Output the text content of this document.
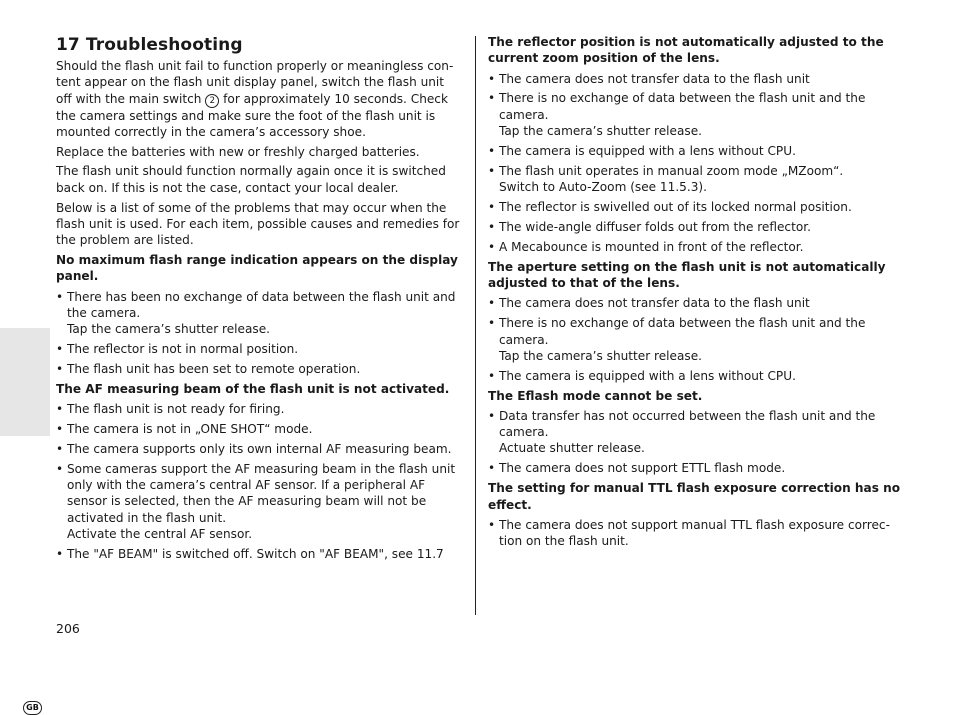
GB
17 Troubleshooting

Should the flash unit fail to function properly or meaningless content appear on the flash unit display panel, switch the flash unit off with the main switch 2 for approximately 10 seconds. Check the camera settings and make sure the foot of the flash unit is mounted correctly in the camera’s accessory shoe.

Replace the batteries with new or freshly charged batteries.

The flash unit should function normally again once it is switched back on. If this is not the case, contact your local dealer.

Below is a list of some of the problems that may occur when the flash unit is used. For each item, possible causes and remedies for the problem are listed.

No maximum flash range indication appears on the display panel.

• There has been no exchange of data between the flash unit and the camera.
Tap the camera’s shutter release.
• The reflector is not in normal position.
• The flash unit has been set to remote operation.

The AF measuring beam of the flash unit is not activated.

• The flash unit is not ready for firing.
• The camera is not in „ONE SHOT“ mode.
• The camera supports only its own internal AF measuring beam.
• Some cameras support the AF measuring beam in the flash unit only with the camera’s central AF sensor. If a peripheral AF sensor is selected, then the AF measuring beam will not be activated in the flash unit.
Activate the central AF sensor.
• The "AF BEAM" is switched off. Switch on "AF BEAM", see 11.7

The reflector position is not automatically adjusted to the current zoom position of the lens.

• The camera does not transfer data to the flash unit
• There is no exchange of data between the flash unit and the camera.
Tap the camera’s shutter release.
• The camera is equipped with a lens without CPU.
• The flash unit operates in manual zoom mode „MZoom“.
Switch to Auto-Zoom (see 11.5.3).
• The reflector is swivelled out of its locked normal position.
• The wide-angle diffuser folds out from the reflector.
• A Mecabounce is mounted in front of the reflector.

The aperture setting on the flash unit is not automatically adjusted to that of the lens.

• The camera does not transfer data to the flash unit
• There is no exchange of data between the flash unit and the camera.
Tap the camera’s shutter release.
• The camera is equipped with a lens without CPU.

The Eflash mode cannot be set.

• Data transfer has not occurred between the flash unit and the camera.
Actuate shutter release.
• The camera does not support ETTL flash mode.

The setting for manual TTL flash exposure correction has no effect.

• The camera does not support manual TTL flash exposure correction on the flash unit.
206
